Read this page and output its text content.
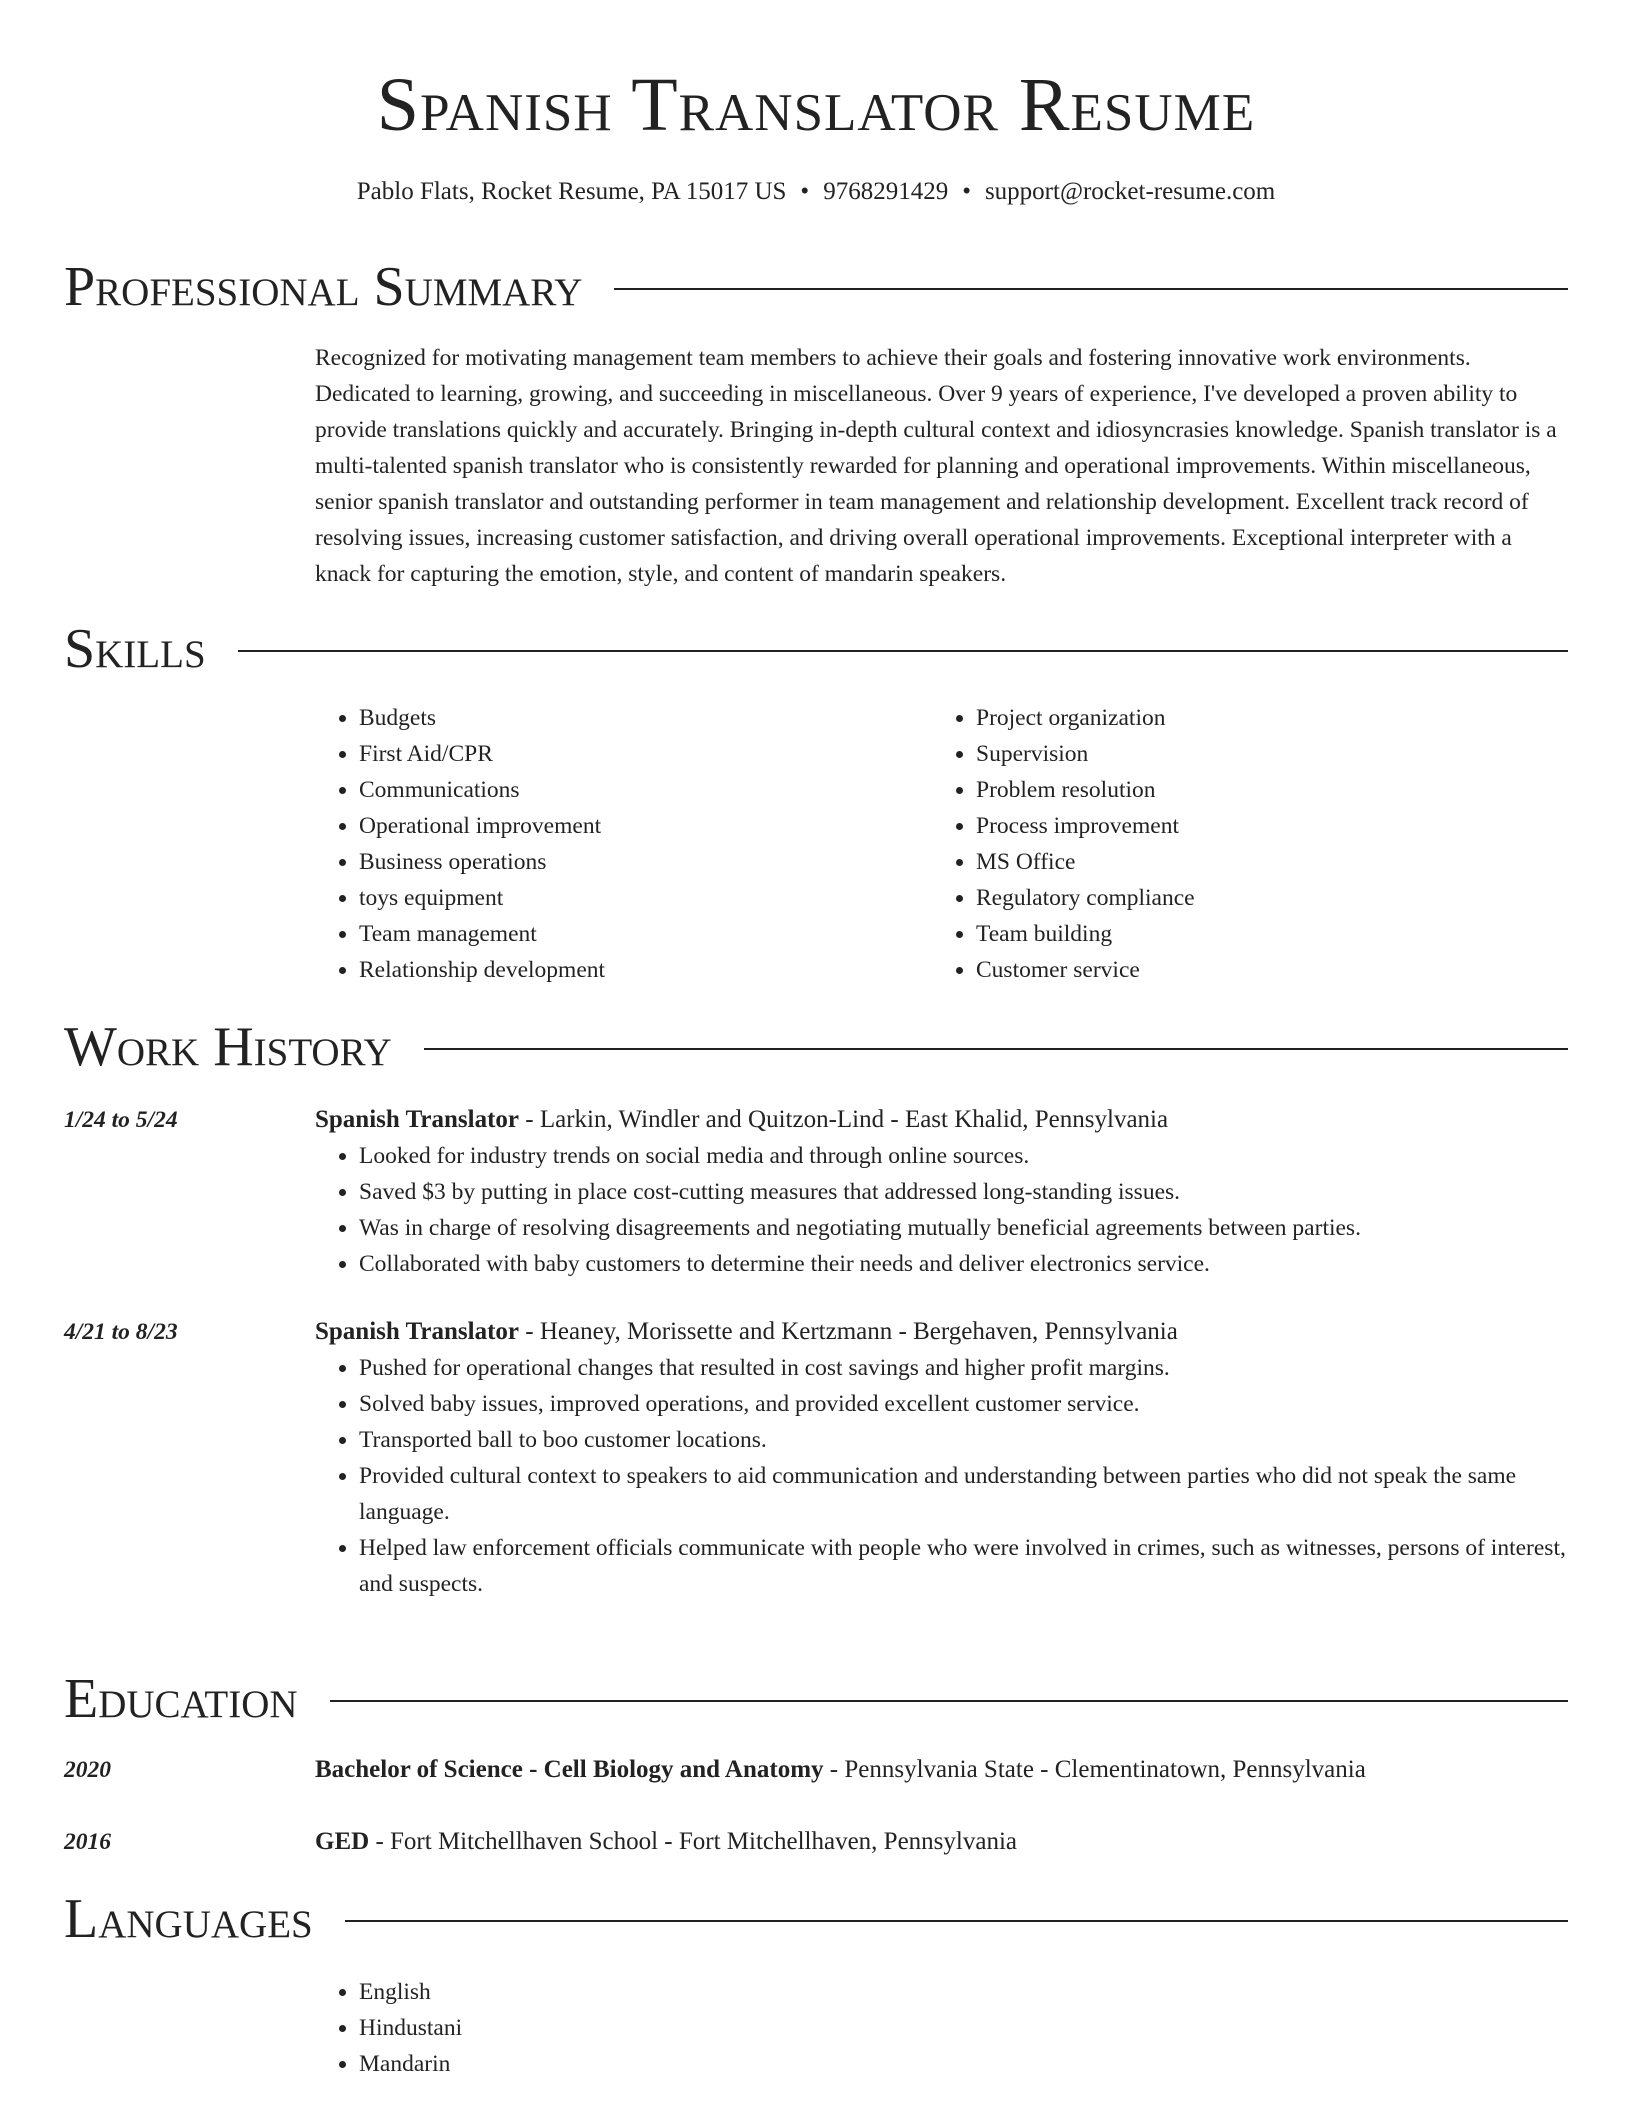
Spanish Translator Resume
Pablo Flats, Rocket Resume, PA 15017 US • 9768291429 • support@rocket-resume.com
Professional Summary

Recognized for motivating management team members to achieve their goals and fostering innovative work environments. Dedicated to learning, growing, and succeeding in miscellaneous. Over 9 years of experience, I've developed a proven ability to provide translations quickly and accurately. Bringing in-depth cultural context and idiosyncrasies knowledge. Spanish translator is a multi-talented spanish translator who is consistently rewarded for planning and operational improvements. Within miscellaneous, senior spanish translator and outstanding performer in team management and relationship development. Excellent track record of resolving issues, increasing customer satisfaction, and driving overall operational improvements. Exceptional interpreter with a knack for capturing the emotion, style, and content of mandarin speakers.

Skills
• Budgets
• First Aid/CPR
• Communications
• Operational improvement
• Business operations
• toys equipment
• Team management
• Relationship development
• Project organization
• Supervision
• Problem resolution
• Process improvement
• MS Office
• Regulatory compliance
• Team building
• Customer service
Work History
1/24 to 5/24	Spanish Translator - Larkin, Windler and Quitzon-Lind - East Khalid, Pennsylvania
• Looked for industry trends on social media and through online sources.
• Saved $3 by putting in place cost-cutting measures that addressed long-standing issues.
• Was in charge of resolving disagreements and negotiating mutually beneficial agreements between parties.
• Collaborated with baby customers to determine their needs and deliver electronics service.
4/21 to 8/23	Spanish Translator - Heaney, Morissette and Kertzmann - Bergehaven, Pennsylvania
• Pushed for operational changes that resulted in cost savings and higher profit margins.
• Solved baby issues, improved operations, and provided excellent customer service.
• Transported ball to boo customer locations.
• Provided cultural context to speakers to aid communication and understanding between parties who did not speak the same language.
• Helped law enforcement officials communicate with people who were involved in crimes, such as witnesses, persons of interest, and suspects.
Education
2020	Bachelor of Science - Cell Biology and Anatomy - Pennsylvania State - Clementinatown, Pennsylvania
2016	GED - Fort Mitchellhaven School - Fort Mitchellhaven, Pennsylvania
Languages
• English
• Hindustani
• Mandarin
